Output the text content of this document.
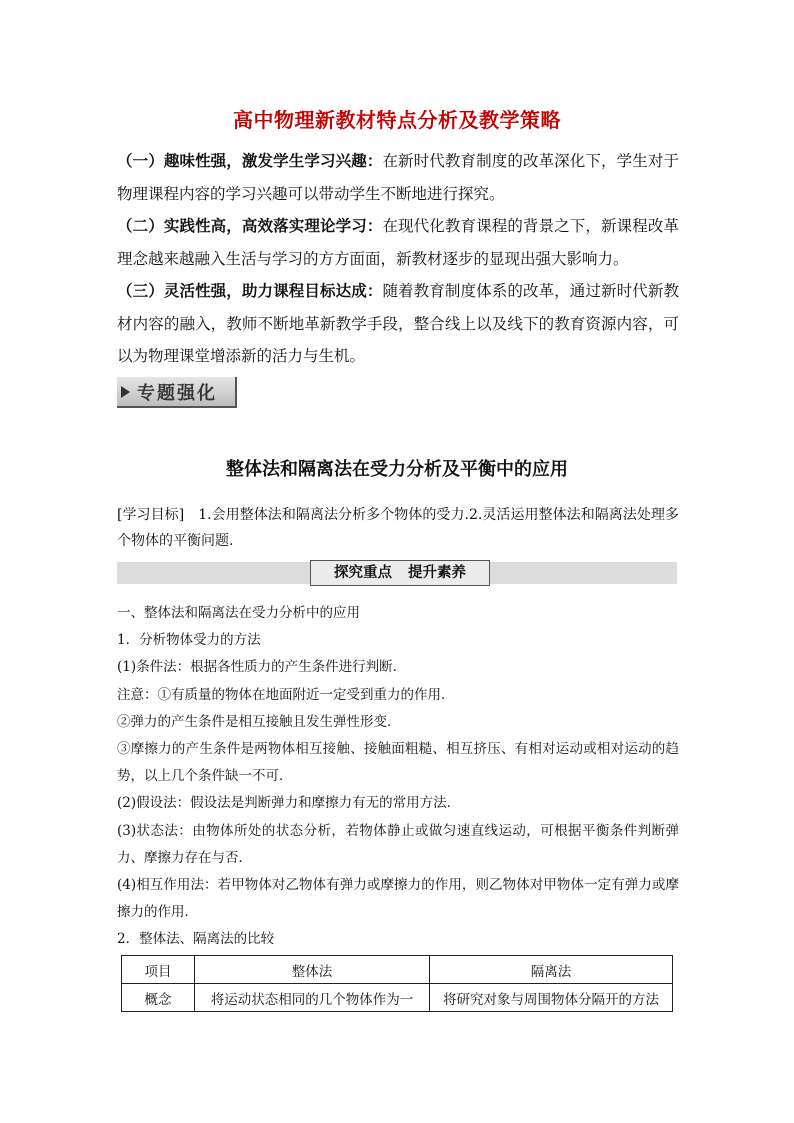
高中物理新教材特点分析及教学策略

（一）趣味性强，激发学生学习兴趣：在新时代教育制度的改革深化下，学生对于物理课程内容的学习兴趣可以带动学生不断地进行探究。

（二）实践性高，高效落实理论学习：在现代化教育课程的背景之下，新课程改革理念越来越融入生活与学习的方方面面，新教材逐步的显现出强大影响力。

（三）灵活性强，助力课程目标达成：随着教育制度体系的改革，通过新时代新教材内容的融入，教师不断地革新教学手段，整合线上以及线下的教育资源内容，可以为物理课堂增添新的活力与生机。

专题强化
整体法和隔离法在受力分析及平衡中的应用
[学习目标] 1.会用整体法和隔离法分析多个物体的受力.2.灵活运用整体法和隔离法处理多个物体的平衡问题.
探究重点 提升素养

一、整体法和隔离法在受力分析中的应用

1．分析物体受力的方法

(1)条件法：根据各性质力的产生条件进行判断．

注意：①有质量的物体在地面附近一定受到重力的作用．

②弹力的产生条件是相互接触且发生弹性形变．

③摩擦力的产生条件是两物体相互接触、接触面粗糙、相互挤压、有相对运动或相对运动的趋势，以上几个条件缺一不可．

(2)假设法：假设法是判断弹力和摩擦力有无的常用方法．

(3)状态法：由物体所处的状态分析，若物体静止或做匀速直线运动，可根据平衡条件判断弹力、摩擦力存在与否．

(4)相互作用法：若甲物体对乙物体有弹力或摩擦力的作用，则乙物体对甲物体一定有弹力或摩擦力的作用．

2．整体法、隔离法的比较

项目	整体法	隔离法
概念	将运动状态相同的几个物体作为一	将研究对象与周围物体分隔开的方法
